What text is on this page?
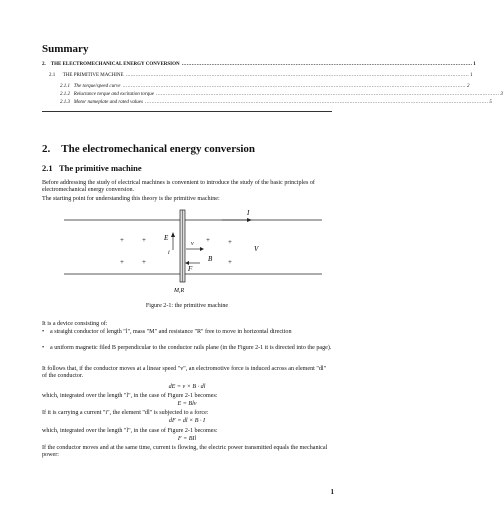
Summary
2. THE ELECTROMECHANICAL ENERGY CONVERSION ................................................................................................................................................................................ 1
2.1 THE PRIMITIVE MACHINE ................................................................................................................................................................................................................ 1
2.1.1 The torque/speed curve ................................................................................................................................................................................................................ 2
2.1.2 Reluctance torque and excitation torque ................................................................................................................................................................................................................ 3
2.1.3 Motor nameplate and rated values ................................................................................................................................................................................................................ 5
2. The electromechanical energy conversion
2.1 The primitive machine
Before addressing the study of electrical machines is convenient to introduce the study of the basic principles of electromechanical energy conversion.
The starting point for understanding this theory is the primitive machine:
I
E
i
v
F
B
V
+	+
+	+
+	+
+
M,R
Figure 2-1: the primitive machine
It is a device consisting of:
• a straight conductor of length "l", mass "M" and resistance "R" free to move in horizontal direction
• a uniform magnetic filed B perpendicular to the conductor rails plane (in the Figure 2-1 it is directed into the page).
It follows that, if the conductor moves at a linear speed "v", an electromotive force is induced across an element "dl" of the conductor.
dE = v × B · dl
which, integrated over the length "l", in the case of Figure 2-1 becomes:
E = Blv
If it is carrying a current "i", the element "dl" is subjected to a force:
dF = dl × B · I
which, integrated over the length "l", in the case of Figure 2-1 becomes:
F = BIl
If the conductor moves and at the same time, current is flowing, the electric power transmitted equals the mechanical power:
1
